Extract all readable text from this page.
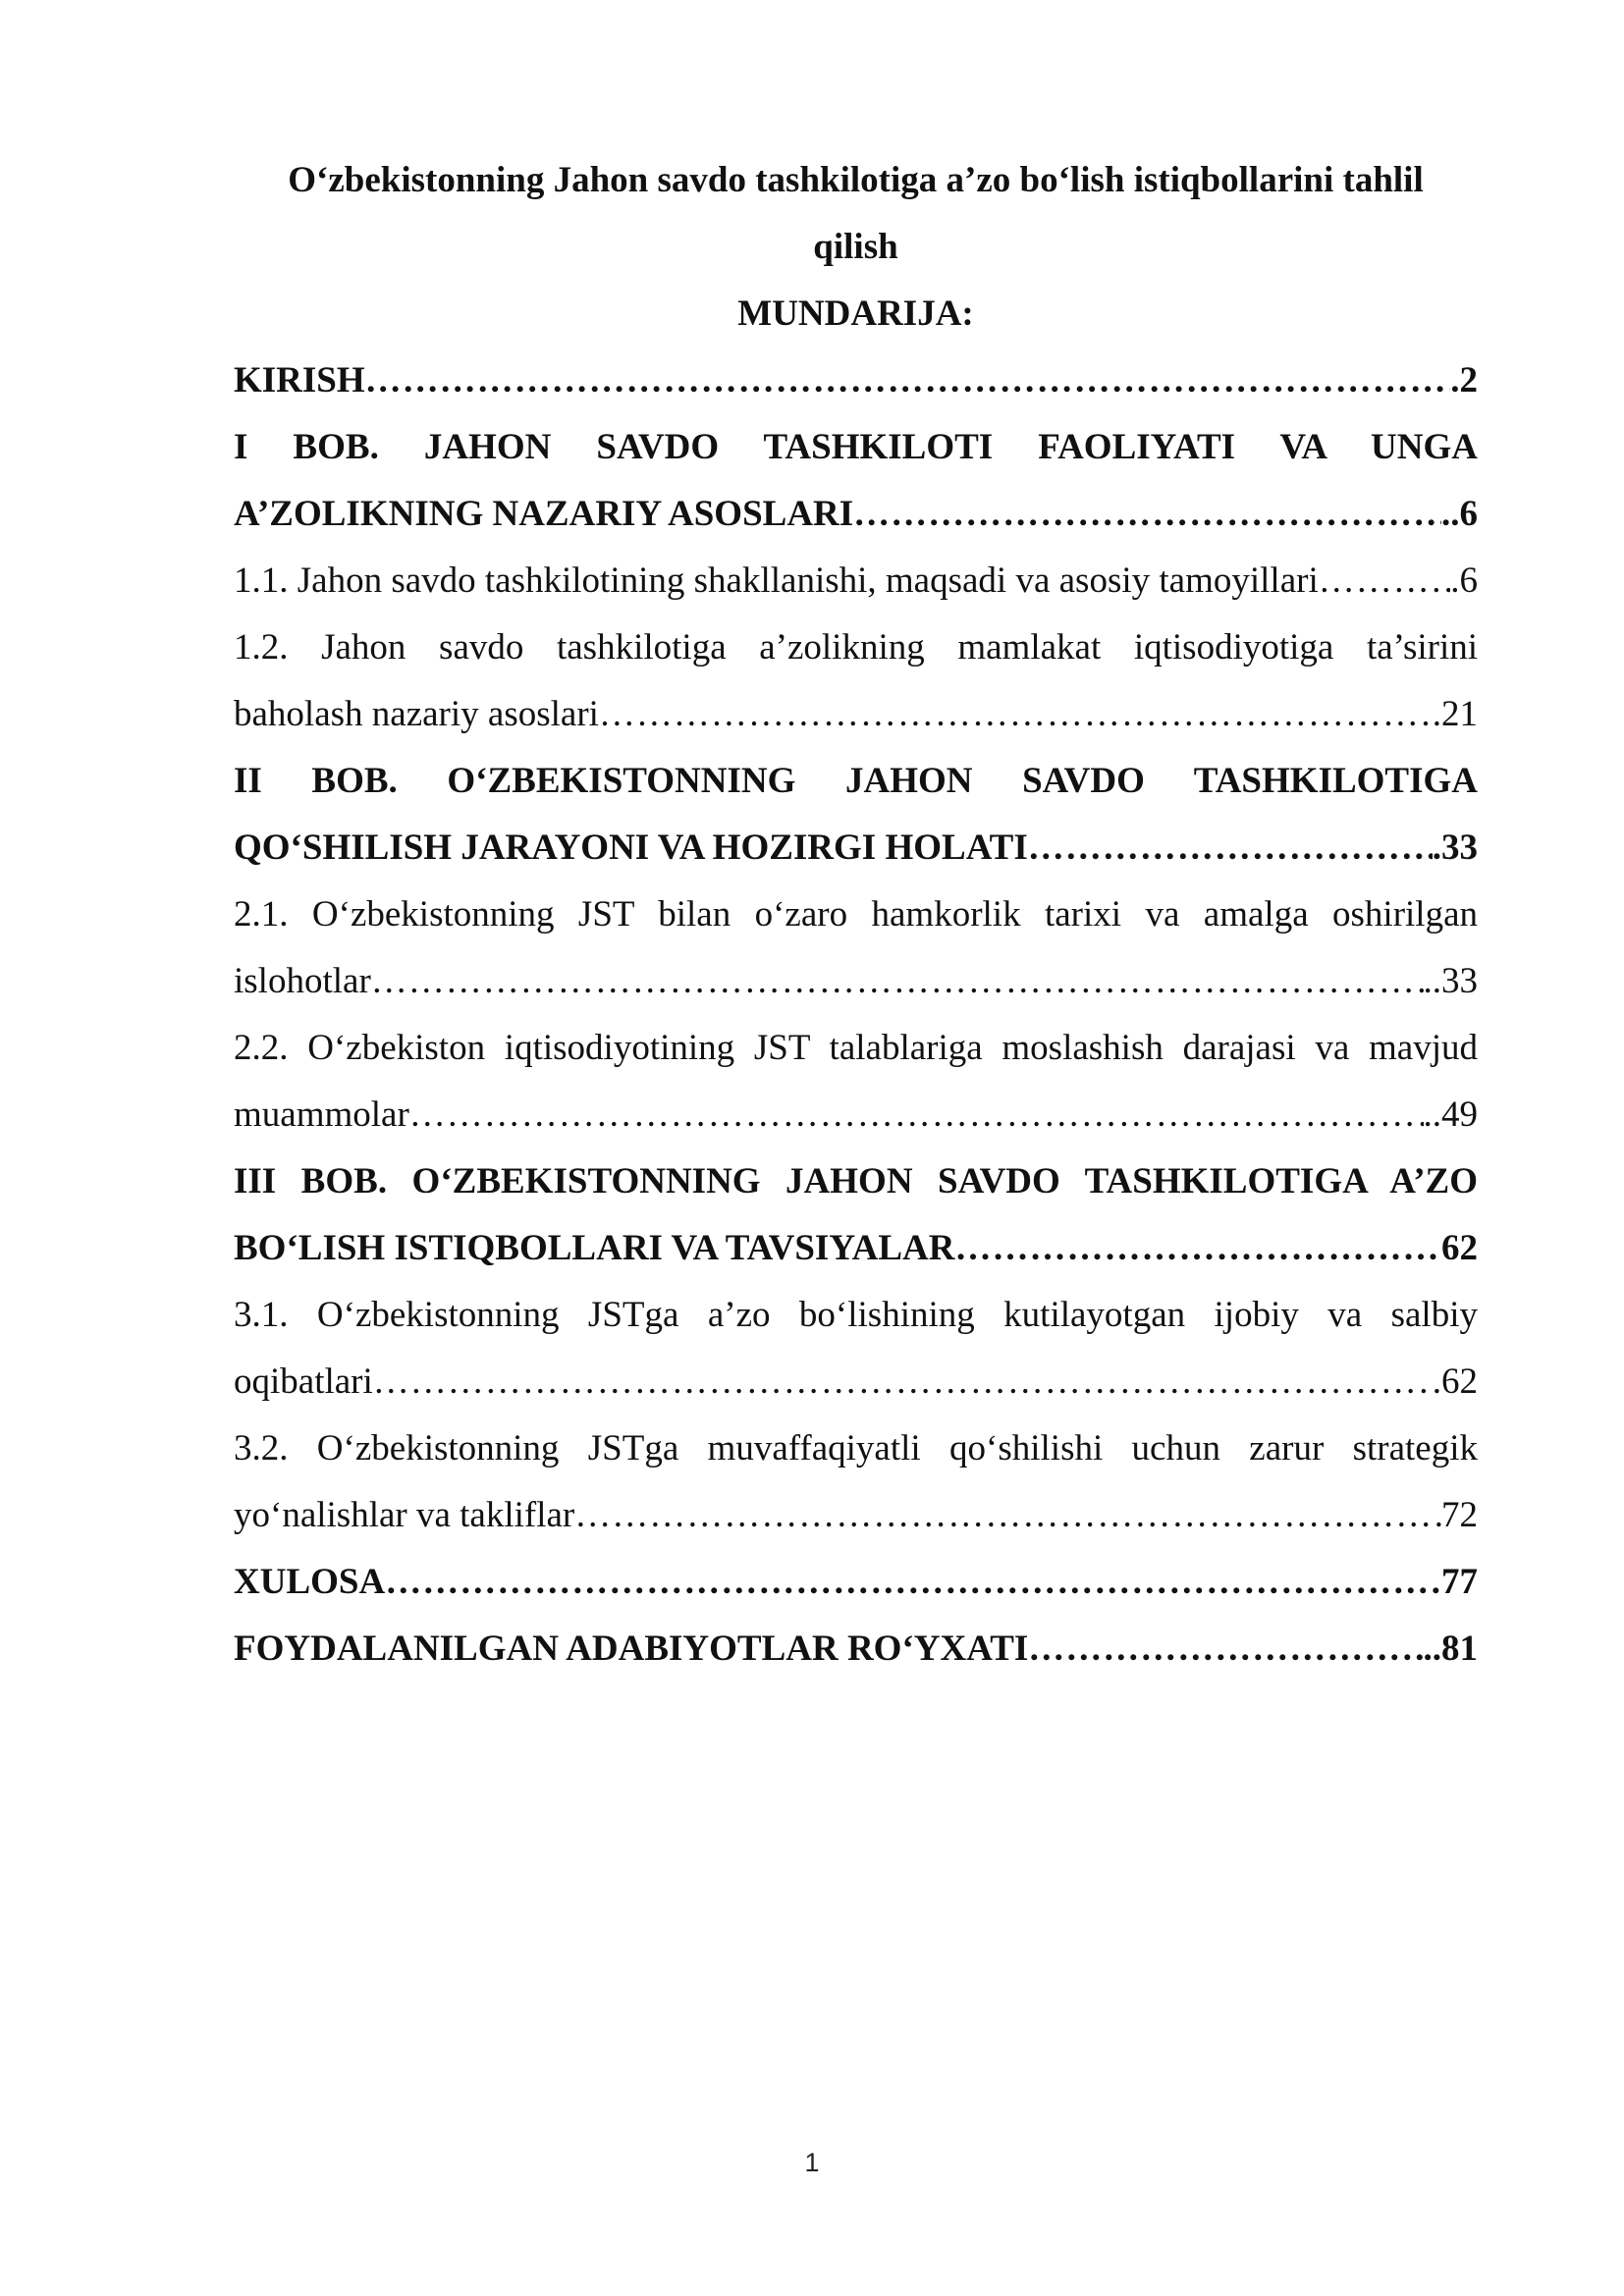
O‘zbekistonning Jahon savdo tashkilotiga a’zo bo‘lish istiqbollarini tahlil
qilish
MUNDARIJA:
KIRISH ……………………………………………………………………………………………………………………………………………………………………………………………………………………………………	.2
I BOB. JAHON SAVDO TASHKILOTI FAOLIYATI VA UNGA
A’ZOLIKNING NAZARIY ASOSLARI ……………………………………………………………………………………………………………………………………………………………………………………………………………………………………	..6
1.1. Jahon savdo tashkilotining shakllanishi, maqsadi va asosiy tamoyillari ……………………………………………………………………………………………………………………………………………………………………………………………………………………………………	.6
1.2. Jahon savdo tashkilotiga a’zolikning mamlakat iqtisodiyotiga ta’sirini
baholash nazariy asoslari ……………………………………………………………………………………………………………………………………………………………………………………………………………………………………	.21
II BOB. O‘ZBEKISTONNING JAHON SAVDO TASHKILOTIGA
QO‘SHILISH JARAYONI VA HOZIRGI HOLATI ……………………………………………………………………………………………………………………………………………………………………………………………………………………………………	.33
2.1. O‘zbekistonning JST bilan o‘zaro hamkorlik tarixi va amalga oshirilgan
islohotlar ……………………………………………………………………………………………………………………………………………………………………………………………………………………………………	..33
2.2. O‘zbekiston iqtisodiyotining JST talablariga moslashish darajasi va mavjud
muammolar ……………………………………………………………………………………………………………………………………………………………………………………………………………………………………	..49
III BOB. O‘ZBEKISTONNING JAHON SAVDO TASHKILOTIGA A’ZO
BO‘LISH ISTIQBOLLARI VA TAVSIYALAR ……………………………………………………………………………………………………………………………………………………………………………………………………………………………………	62
3.1. O‘zbekistonning JSTga a’zo bo‘lishining kutilayotgan ijobiy va salbiy
oqibatlari ……………………………………………………………………………………………………………………………………………………………………………………………………………………………………	.62
3.2. O‘zbekistonning JSTga muvaffaqiyatli qo‘shilishi uchun zarur strategik
yo‘nalishlar va takliflar ……………………………………………………………………………………………………………………………………………………………………………………………………………………………………	72
XULOSA ……………………………………………………………………………………………………………………………………………………………………………………………………………………………………	77
FOYDALANILGAN ADABIYOTLAR RO‘YXATI ……………………………………………………………………………………………………………………………………………………………………………………………………………………………………	..81
1
